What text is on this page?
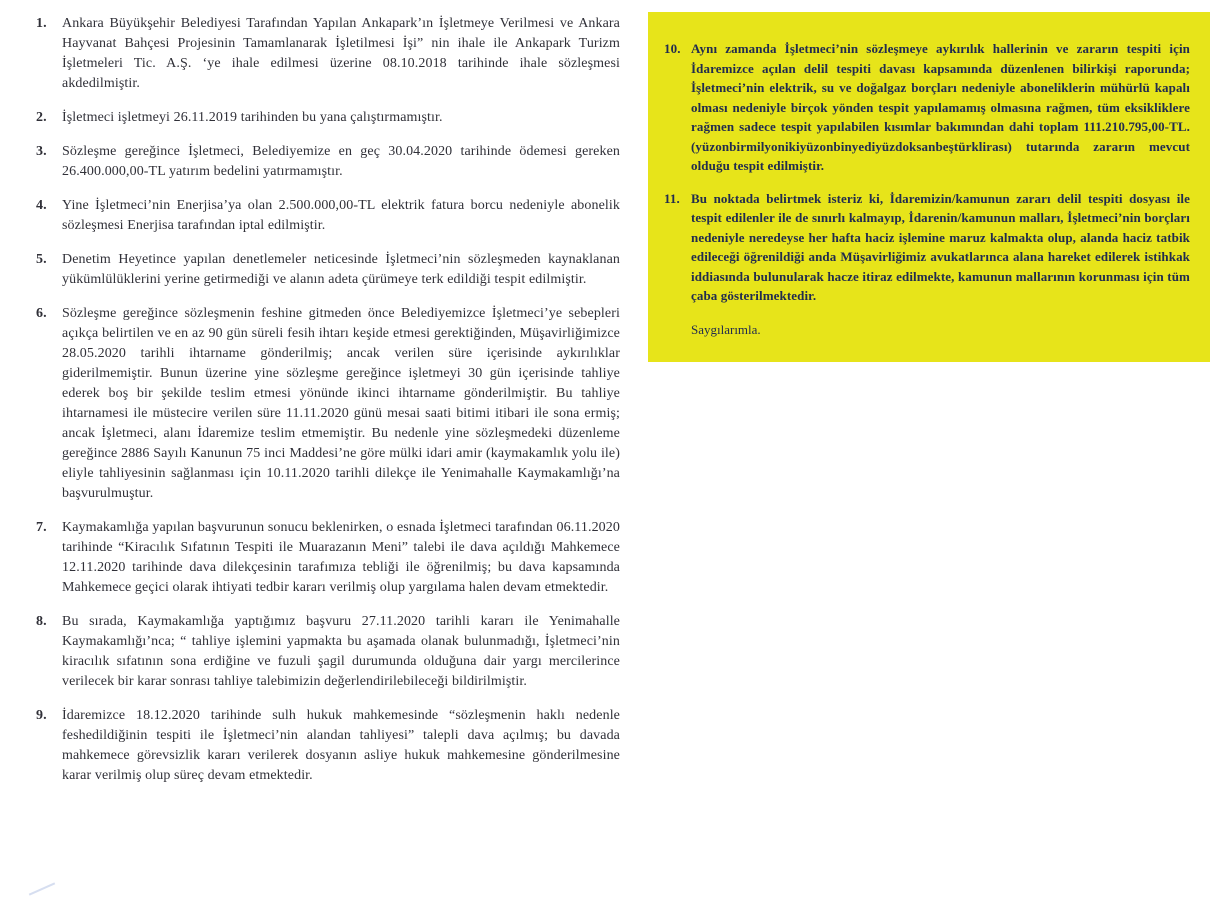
1.	Ankara Büyükşehir Belediyesi Tarafından Yapılan Ankapark’ın İşletmeye Verilmesi ve Ankara Hayvanat Bahçesi Projesinin Tamamlanarak İşletilmesi İşi” nin ihale ile Ankapark Turizm İşletmeleri Tic. A.Ş. ‘ye ihale edilmesi üzerine 08.10.2018 tarihinde ihale sözleşmesi akdedilmiştir.
2.	İşletmeci işletmeyi 26.11.2019 tarihinden bu yana çalıştırmamıştır.
3.	Sözleşme gereğince İşletmeci, Belediyemize en geç 30.04.2020 tarihinde ödemesi gereken 26.400.000,00-TL yatırım bedelini yatırmamıştır.
4.	Yine İşletmeci’nin Enerjisa’ya olan 2.500.000,00-TL elektrik fatura borcu nedeniyle abonelik sözleşmesi Enerjisa tarafından iptal edilmiştir.
5.	Denetim Heyetince yapılan denetlemeler neticesinde İşletmeci’nin sözleşmeden kaynaklanan yükümlülüklerini yerine getirmediği ve alanın adeta çürümeye terk edildiği tespit edilmiştir.
6.	Sözleşme gereğince sözleşmenin feshine gitmeden önce Belediyemizce İşletmeci’ye sebepleri açıkça belirtilen ve en az 90 gün süreli fesih ihtarı keşide etmesi gerektiğinden, Müşavirliğimizce 28.05.2020 tarihli ihtarname gönderilmiş; ancak verilen süre içerisinde aykırılıklar giderilmemiştir. Bunun üzerine yine sözleşme gereğince işletmeyi 30 gün içerisinde tahliye ederek boş bir şekilde teslim etmesi yönünde ikinci ihtarname gönderilmiştir. Bu tahliye ihtarnamesi ile müstecire verilen süre 11.11.2020 günü mesai saati bitimi itibari ile sona ermiş; ancak İşletmeci, alanı İdaremize teslim etmemiştir. Bu nedenle yine sözleşmedeki düzenleme gereğince 2886 Sayılı Kanunun 75 inci Maddesi’ne göre mülki idari amir (kaymakamlık yolu ile) eliyle tahliyesinin sağlanması için 10.11.2020 tarihli dilekçe ile Yenimahalle Kaymakamlığı’na başvurulmuştur.
7.	Kaymakamlığa yapılan başvurunun sonucu beklenirken, o esnada İşletmeci tarafından 06.11.2020 tarihinde “Kiracılık Sıfatının Tespiti ile Muarazanın Meni” talebi ile dava açıldığı Mahkemece 12.11.2020 tarihinde dava dilekçesinin tarafımıza tebliği ile öğrenilmiş; bu dava kapsamında Mahkemece geçici olarak ihtiyati tedbir kararı verilmiş olup yargılama halen devam etmektedir.
8.	Bu sırada, Kaymakamlığa yaptığımız başvuru 27.11.2020 tarihli kararı ile Yenimahalle Kaymakamlığı’nca; “ tahliye işlemini yapmakta bu aşamada olanak bulunmadığı, İşletmeci’nin kiracılık sıfatının sona erdiğine ve fuzuli şagil durumunda olduğuna dair yargı mercilerince verilecek bir karar sonrası tahliye talebimizin değerlendirilebileceği bildirilmiştir.
9.	İdaremizce 18.12.2020 tarihinde sulh hukuk mahkemesinde “sözleşmenin haklı nedenle feshedildiğinin tespiti ile İşletmeci’nin alandan tahliyesi” talepli dava açılmış; bu davada mahkemece görevsizlik kararı verilerek dosyanın asliye hukuk mahkemesine gönderilmesine karar verilmiş olup süreç devam etmektedir.
10. Aynı zamanda İşletmeci’nin sözleşmeye aykırılık hallerinin ve zararın tespiti için İdaremizce açılan delil tespiti davası kapsamında düzenlenen bilirkişi raporunda; İşletmeci’nin elektrik, su ve doğalgaz borçları nedeniyle aboneliklerin mühürlü kapalı olması nedeniyle birçok yönden tespit yapılamamış olmasına rağmen, tüm eksikliklere rağmen sadece tespit yapılabilen kısımlar bakımından dahi toplam 111.210.795,00-TL.(yüzonbirmilyonikiyüzonbinyediyüzdoksanbeştürklirası) tutarında zararın mevcut olduğu tespit edilmiştir.
11. Bu noktada belirtmek isteriz ki, İdaremizin/kamunun zararı delil tespiti dosyası ile tespit edilenler ile de sınırlı kalmayıp, İdarenin/kamunun malları, İşletmeci’nin borçları nedeniyle neredeyse her hafta haciz işlemine maruz kalmakta olup, alanda haciz tatbik edileceği öğrenildiği anda Müşavirliğimiz avukatlarınca alana hareket edilerek istihkak iddiasında bulunularak hacze itiraz edilmekte, kamunun mallarının korunması için tüm çaba gösterilmektedir.
Saygılarımla.
